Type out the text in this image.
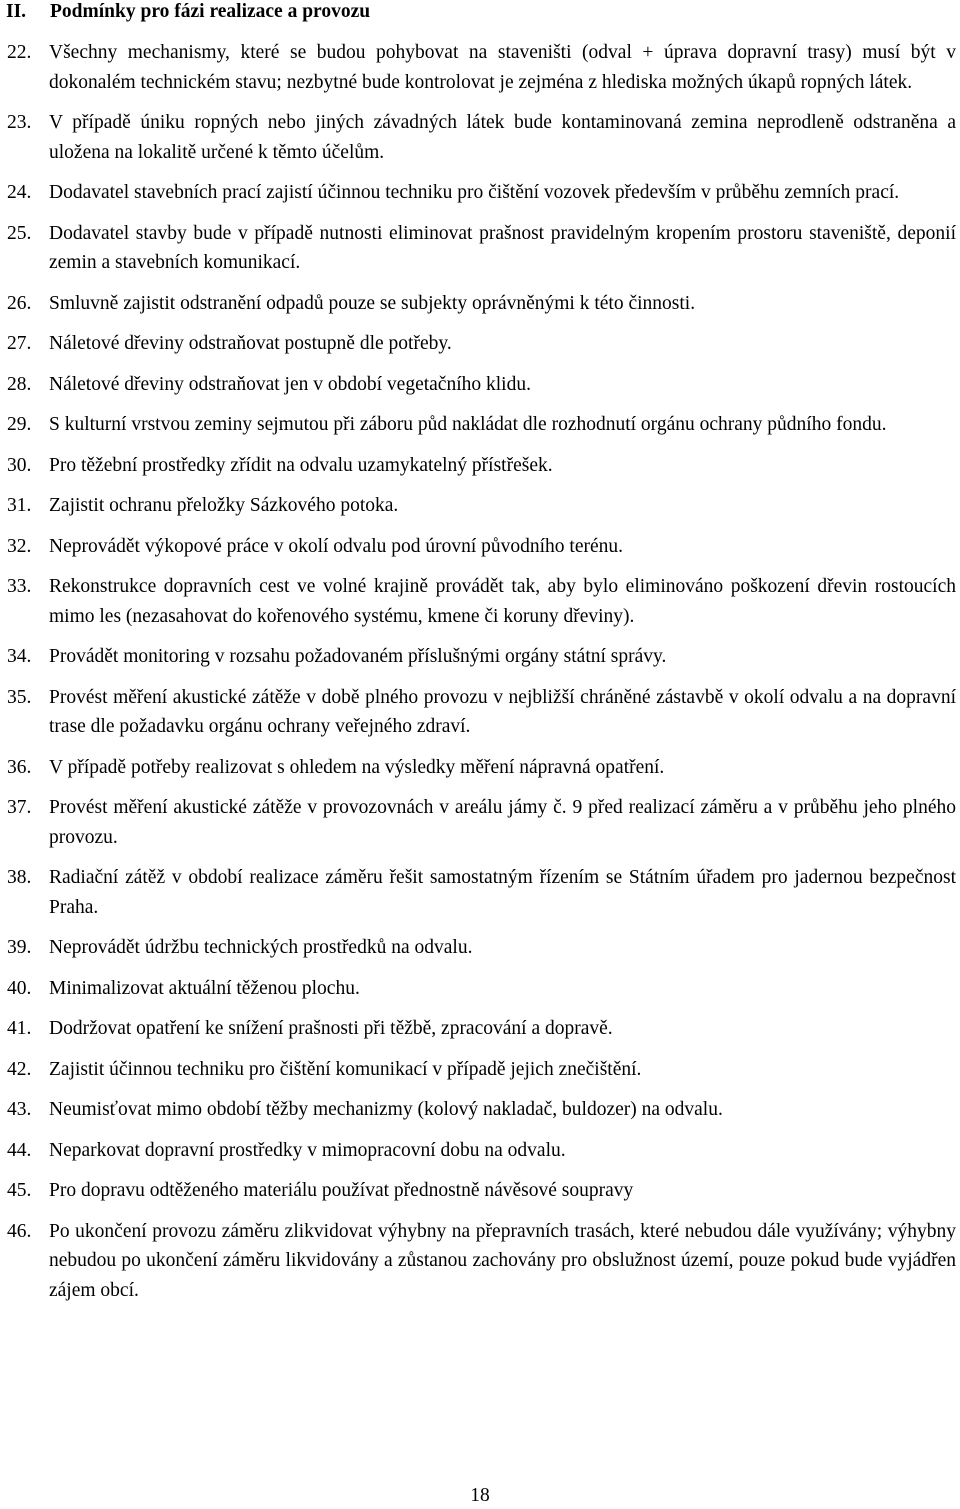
II. Podmínky pro fázi realizace a provozu
22. Všechny mechanismy, které se budou pohybovat na staveništi (odval + úprava dopravní trasy) musí být v dokonalém technickém stavu; nezbytné bude kontrolovat je zejména z hlediska možných úkapů ropných látek.
23. V případě úniku ropných nebo jiných závadných látek bude kontaminovaná zemina neprodleně odstraněna a uložena na lokalitě určené k těmto účelům.
24. Dodavatel stavebních prací zajistí účinnou techniku pro čištění vozovek především v průběhu zemních prací.
25. Dodavatel stavby bude v případě nutnosti eliminovat prašnost pravidelným kropením prostoru staveniště, deponií zemin a stavebních komunikací.
26. Smluvně zajistit odstranění odpadů pouze se subjekty oprávněnými k této činnosti.
27. Náletové dřeviny odstraňovat postupně dle potřeby.
28. Náletové dřeviny odstraňovat jen v období vegetačního klidu.
29. S kulturní vrstvou zeminy sejmutou při záboru půd nakládat dle rozhodnutí orgánu ochrany půdního fondu.
30. Pro těžební prostředky zřídit na odvalu uzamykatelný přístřešek.
31. Zajistit ochranu přeložky Sázkového potoka.
32. Neprovádět výkopové práce v okolí odvalu pod úrovní původního terénu.
33. Rekonstrukce dopravních cest ve volné krajině provádět tak, aby bylo eliminováno poškození dřevin rostoucích mimo les (nezasahovat do kořenového systému, kmene či koruny dřeviny).
34. Provádět monitoring v rozsahu požadovaném příslušnými orgány státní správy.
35. Provést měření akustické zátěže v době plného provozu v nejbližší chráněné zástavbě v okolí odvalu a na dopravní trase dle požadavku orgánu ochrany veřejného zdraví.
36. V případě potřeby realizovat s ohledem na výsledky měření nápravná opatření.
37. Provést měření akustické zátěže v provozovnách v areálu jámy č. 9 před realizací záměru a v průběhu jeho plného provozu.
38. Radiační zátěž v období realizace záměru řešit samostatným řízením se Státním úřadem pro jadernou bezpečnost Praha.
39. Neprovádět údržbu technických prostředků na odvalu.
40. Minimalizovat aktuální těženou plochu.
41. Dodržovat opatření ke snížení prašnosti při těžbě, zpracování a dopravě.
42. Zajistit účinnou techniku pro čištění komunikací v případě jejich znečištění.
43. Neumisťovat mimo období těžby mechanizmy (kolový nakladač, buldozer) na odvalu.
44. Neparkovat dopravní prostředky v mimopracovní dobu na odvalu.
45. Pro dopravu odtěženého materiálu používat přednostně návěsové soupravy
46. Po ukončení provozu záměru zlikvidovat výhybny na přepravních trasách, které nebudou dále využívány; výhybny nebudou po ukončení záměru likvidovány a zůstanou zachovány pro obslužnost území, pouze pokud bude vyjádřen zájem obcí.
18
